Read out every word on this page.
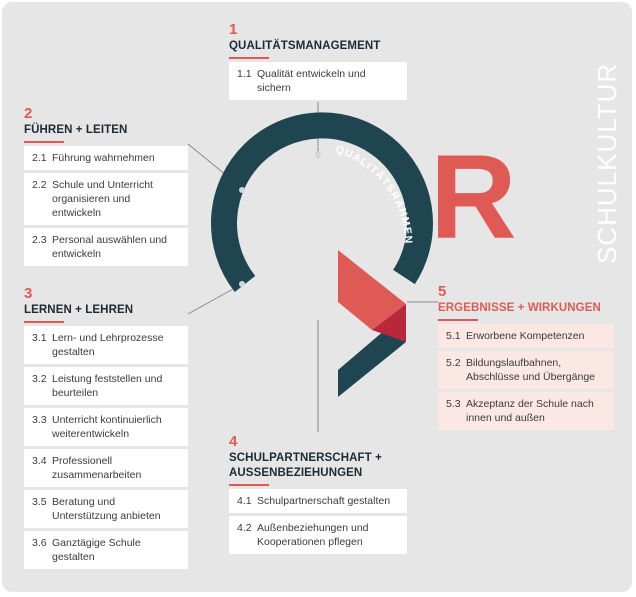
QUALITÄTSRAHMEN R	SCHULKULTUR
1
QUALITÄTSMANAGEMENT
1.1 Qualität entwickeln und sichern
2
FÜHREN + LEITEN
2.1 Führung wahrnehmen
2.2 Schule und Unterricht organisieren und entwickeln
2.3 Personal auswählen und entwickeln
3
LERNEN + LEHREN
3.1 Lern- und Lehrprozesse gestalten
3.2 Leistung feststellen und beurteilen
3.3 Unterricht kontinuierlich weiterentwickeln
3.4 Professionell zusammenarbeiten
3.5 Beratung und Unterstützung anbieten
3.6 Ganztägige Schule gestalten
4
SCHULPARTNERSCHAFT + AUSSENBEZIEHUNGEN
4.1 Schulpartnerschaft gestalten
4.2 Außenbeziehungen und Kooperationen pflegen
5
ERGEBNISSE + WIRKUNGEN
5.1 Erworbene Kompetenzen
5.2 Bildungslaufbahnen, Abschlüsse und Übergänge
5.3 Akzeptanz der Schule nach innen und außen
